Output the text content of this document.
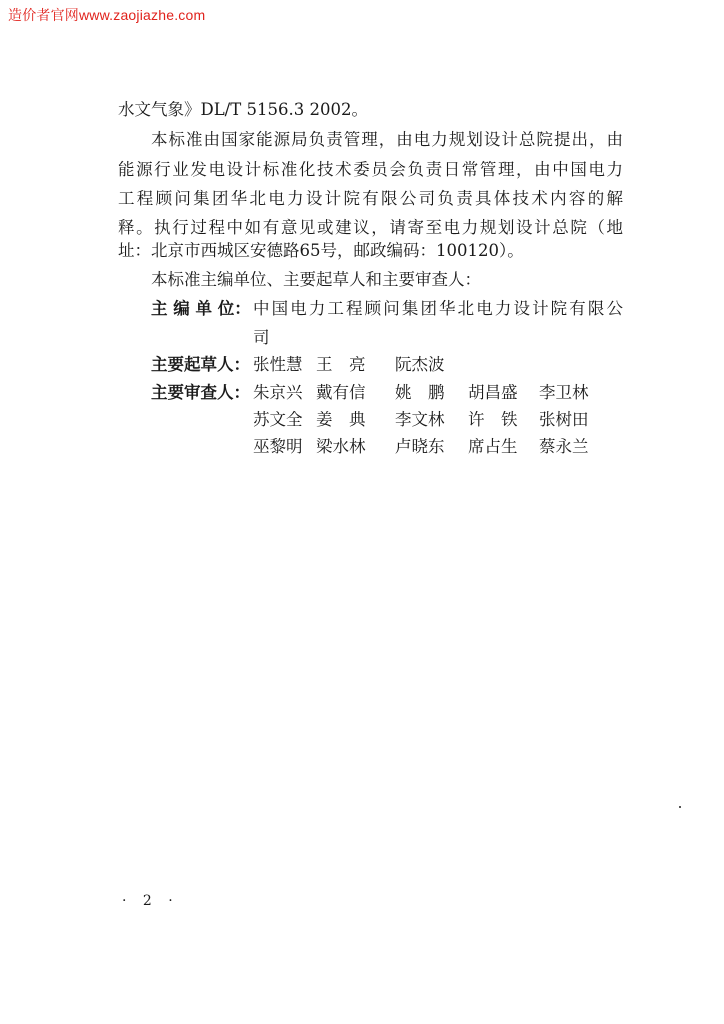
造价者官网www.zaojiazhe.com
水文气象》DL/T 5156.3 2002。
本标准由国家能源局负责管理，由电力规划设计总院提出，由
能源行业发电设计标准化技术委员会负责日常管理，由中国电力
工程顾问集团华北电力设计院有限公司负责具体技术内容的解
释。执行过程中如有意见或建议，请寄至电力规划设计总院（地
址：北京市西城区安德路65号，邮政编码：100120）。
本标准主编单位、主要起草人和主要审查人：
主 编 单 位： 中国电力工程顾问集团华北电力设计院有限公
司
主要起草人： 张性慧 王　亮 阮杰波
主要审查人： 朱京兴 戴有信 姚　鹏 胡昌盛 李卫林
苏文全 姜　典 李文林 许　铁 张树田
巫黎明 梁水林 卢晓东 席占生 蔡永兰
· 2 ·
